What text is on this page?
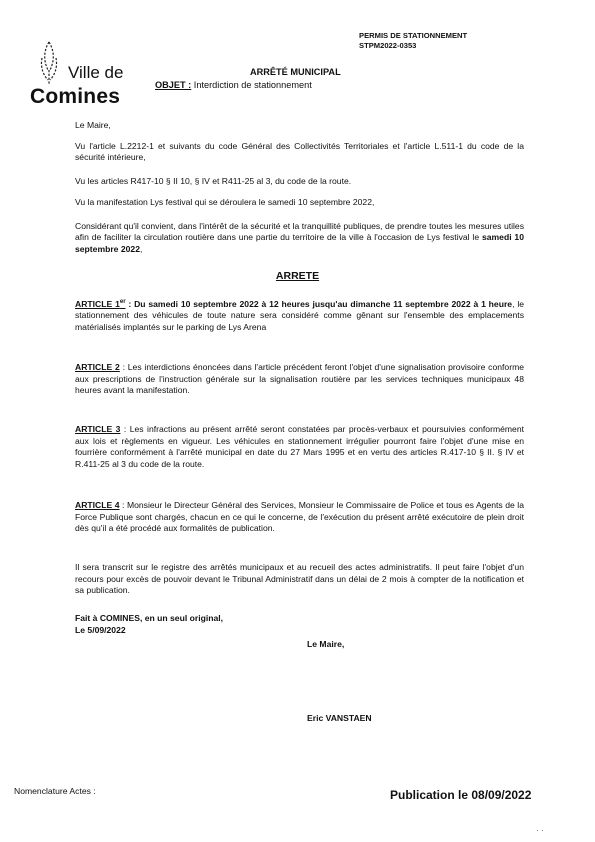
PERMIS DE STATIONNEMENT
STPM2022-0353
Ville de
Comines
ARRÊTÉ MUNICIPAL
OBJET : Interdiction de stationnement
Le Maire,
Vu l'article L.2212-1 et suivants du code Général des Collectivités Territoriales et l'article L.511-1 du code de la sécurité intérieure,
Vu les articles R417-10 § II 10, § IV et R411-25 al 3, du code de la route.
Vu la manifestation Lys festival qui se déroulera le samedi 10 septembre 2022,
Considérant qu'il convient, dans l'intérêt de la sécurité et la tranquillité publiques, de prendre toutes les mesures utiles afin de faciliter la circulation routière dans une partie du territoire de la ville à l'occasion de Lys festival le samedi 10 septembre 2022,
ARRETE
ARTICLE 1er : Du samedi 10 septembre 2022 à 12 heures jusqu'au dimanche 11 septembre 2022 à 1 heure, le stationnement des véhicules de toute nature sera considéré comme gênant sur l'ensemble des emplacements matérialisés implantés sur le parking de Lys Arena
ARTICLE 2 : Les interdictions énoncées dans l'article précédent feront l'objet d'une signalisation provisoire conforme aux prescriptions de l'instruction générale sur la signalisation routière par les services techniques municipaux 48 heures avant la manifestation.
ARTICLE 3 : Les infractions au présent arrêté seront constatées par procès-verbaux et poursuivies conformément aux lois et règlements en vigueur. Les véhicules en stationnement irrégulier pourront faire l'objet d'une mise en fourrière conformément à l'arrêté municipal en date du 27 Mars 1995 et en vertu des articles R.417-10 § II. § IV et R.411-25 al 3 du code de la route.
ARTICLE 4 : Monsieur le Directeur Général des Services, Monsieur le Commissaire de Police et tous es Agents de la Force Publique sont chargés, chacun en ce qui le concerne, de l'exécution du présent arrêté exécutoire de plein droit dès qu'il a été procédé aux formalités de publication.
Il sera transcrit sur le registre des arrêtés municipaux et au recueil des actes administratifs. Il peut faire l'objet d'un recours pour excès de pouvoir devant le Tribunal Administratif dans un délai de 2 mois à compter de la notification et sa publication.
Fait à COMINES, en un seul original,
Le 5/09/2022
Le Maire,
Eric VANSTAEN
Nomenclature Actes :	Publication le 08/09/2022
· ·
